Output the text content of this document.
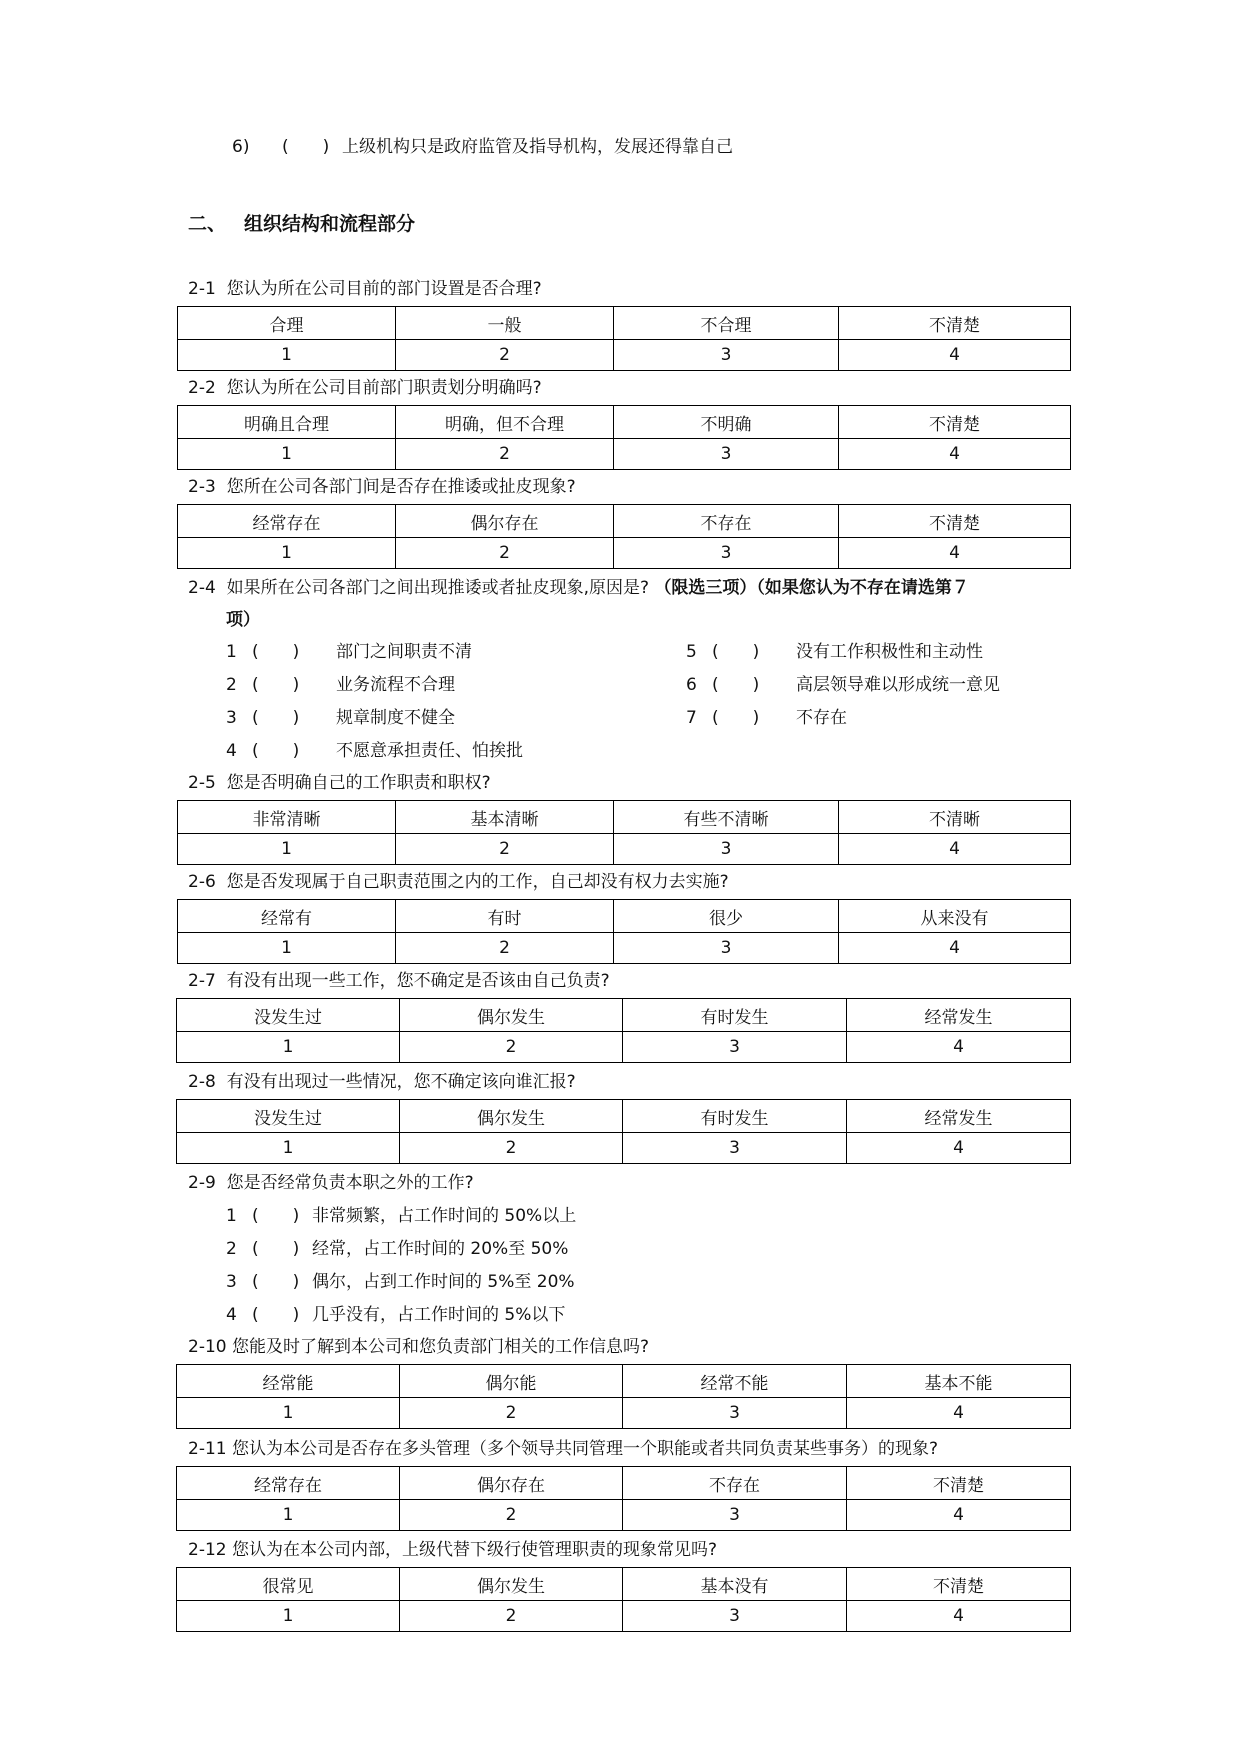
6) (　　) 上级机构只是政府监管及指导机构，发展还得靠自己
二、 组织结构和流程部分
2-1 您认为所在公司目前的部门设置是否合理?
合理	一般	不合理	不清楚
1	2	3	4
2-2 您认为所在公司目前部门职责划分明确吗?
明确且合理	明确，但不合理	不明确	不清楚
1	2	3	4
2-3 您所在公司各部门间是否存在推诿或扯皮现象?
经常存在	偶尔存在	不存在	不清楚
1	2	3	4
2-4 如果所在公司各部门之间出现推诿或者扯皮现象,原因是? （限选三项）（如果您认为不存在请选第７
项）
1 (　　) 部门之间职责不清
2 (　　) 业务流程不合理
3 (　　) 规章制度不健全
4 (　　) 不愿意承担责任、怕挨批
5 (　　) 没有工作积极性和主动性
6 (　　) 高层领导难以形成统一意见
7 (　　) 不存在
2-5 您是否明确自己的工作职责和职权?
非常清晰	基本清晰	有些不清晰	不清晰
1	2	3	4
2-6 您是否发现属于自己职责范围之内的工作，自己却没有权力去实施?
经常有	有时	很少	从来没有
1	2	3	4
2-7 有没有出现一些工作，您不确定是否该由自己负责?
没发生过	偶尔发生	有时发生	经常发生
1	2	3	4
2-8 有没有出现过一些情况，您不确定该向谁汇报?
没发生过	偶尔发生	有时发生	经常发生
1	2	3	4
2-9 您是否经常负责本职之外的工作?
1 (　　) 非常频繁，占工作时间的 50%以上
2 (　　) 经常，占工作时间的 20%至 50%
3 (　　) 偶尔，占到工作时间的 5%至 20%
4 (　　) 几乎没有，占工作时间的 5%以下
2-10 您能及时了解到本公司和您负责部门相关的工作信息吗?
经常能	偶尔能	经常不能	基本不能
1	2	3	4
2-11 您认为本公司是否存在多头管理（多个领导共同管理一个职能或者共同负责某些事务）的现象?
经常存在	偶尔存在	不存在	不清楚
1	2	3	4
2-12 您认为在本公司内部，上级代替下级行使管理职责的现象常见吗?
很常见	偶尔发生	基本没有	不清楚
1	2	3	4
